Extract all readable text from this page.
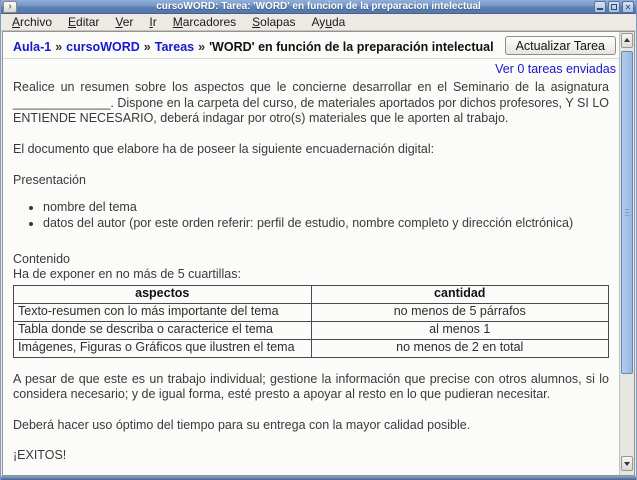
cursoWORD: Tarea: 'WORD' en funcion de la preparacion intelectual
›	✕
Archivo	Editar	Ver	Ir	Marcadores	Solapas	Ayuda
Aula-1 » cursoWORD » Tareas » 'WORD' en función de la preparación intelectual	Actualizar Tarea
Ver 0 tareas enviadas

Realice un resumen sobre los aspectos que le concierne desarrollar en el Seminario de la asignatura ______________. Dispone en la carpeta del curso, de materiales aportados por dichos profesores, Y SI LO ENTIENDE NECESARIO, deberá indagar por otro(s) materiales que le aporten al trabajo.

El documento que elabore ha de poseer la siguiente encuadernación digital:

Presentación

• nombre del tema
• datos del autor (por este orden referir: perfil de estudio, nombre completo y dirección elctrónica)
Contenido
Ha de exponer en no más de 5 cuartillas:
aspectos	cantidad
Texto-resumen con lo más importante del tema	no menos de 5 párrafos
Tabla donde se describa o caracterice el tema	al menos 1
Imágenes, Figuras o Gráficos que ilustren el tema	no menos de 2 en total

A pesar de que este es un trabajo individual; gestione la información que precise con otros alumnos, si lo considera necesario; y de igual forma, esté presto a apoyar al resto en lo que pudieran necesitar.

Deberá hacer uso óptimo del tiempo para su entrega con la mayor calidad posible.

¡EXITOS!
